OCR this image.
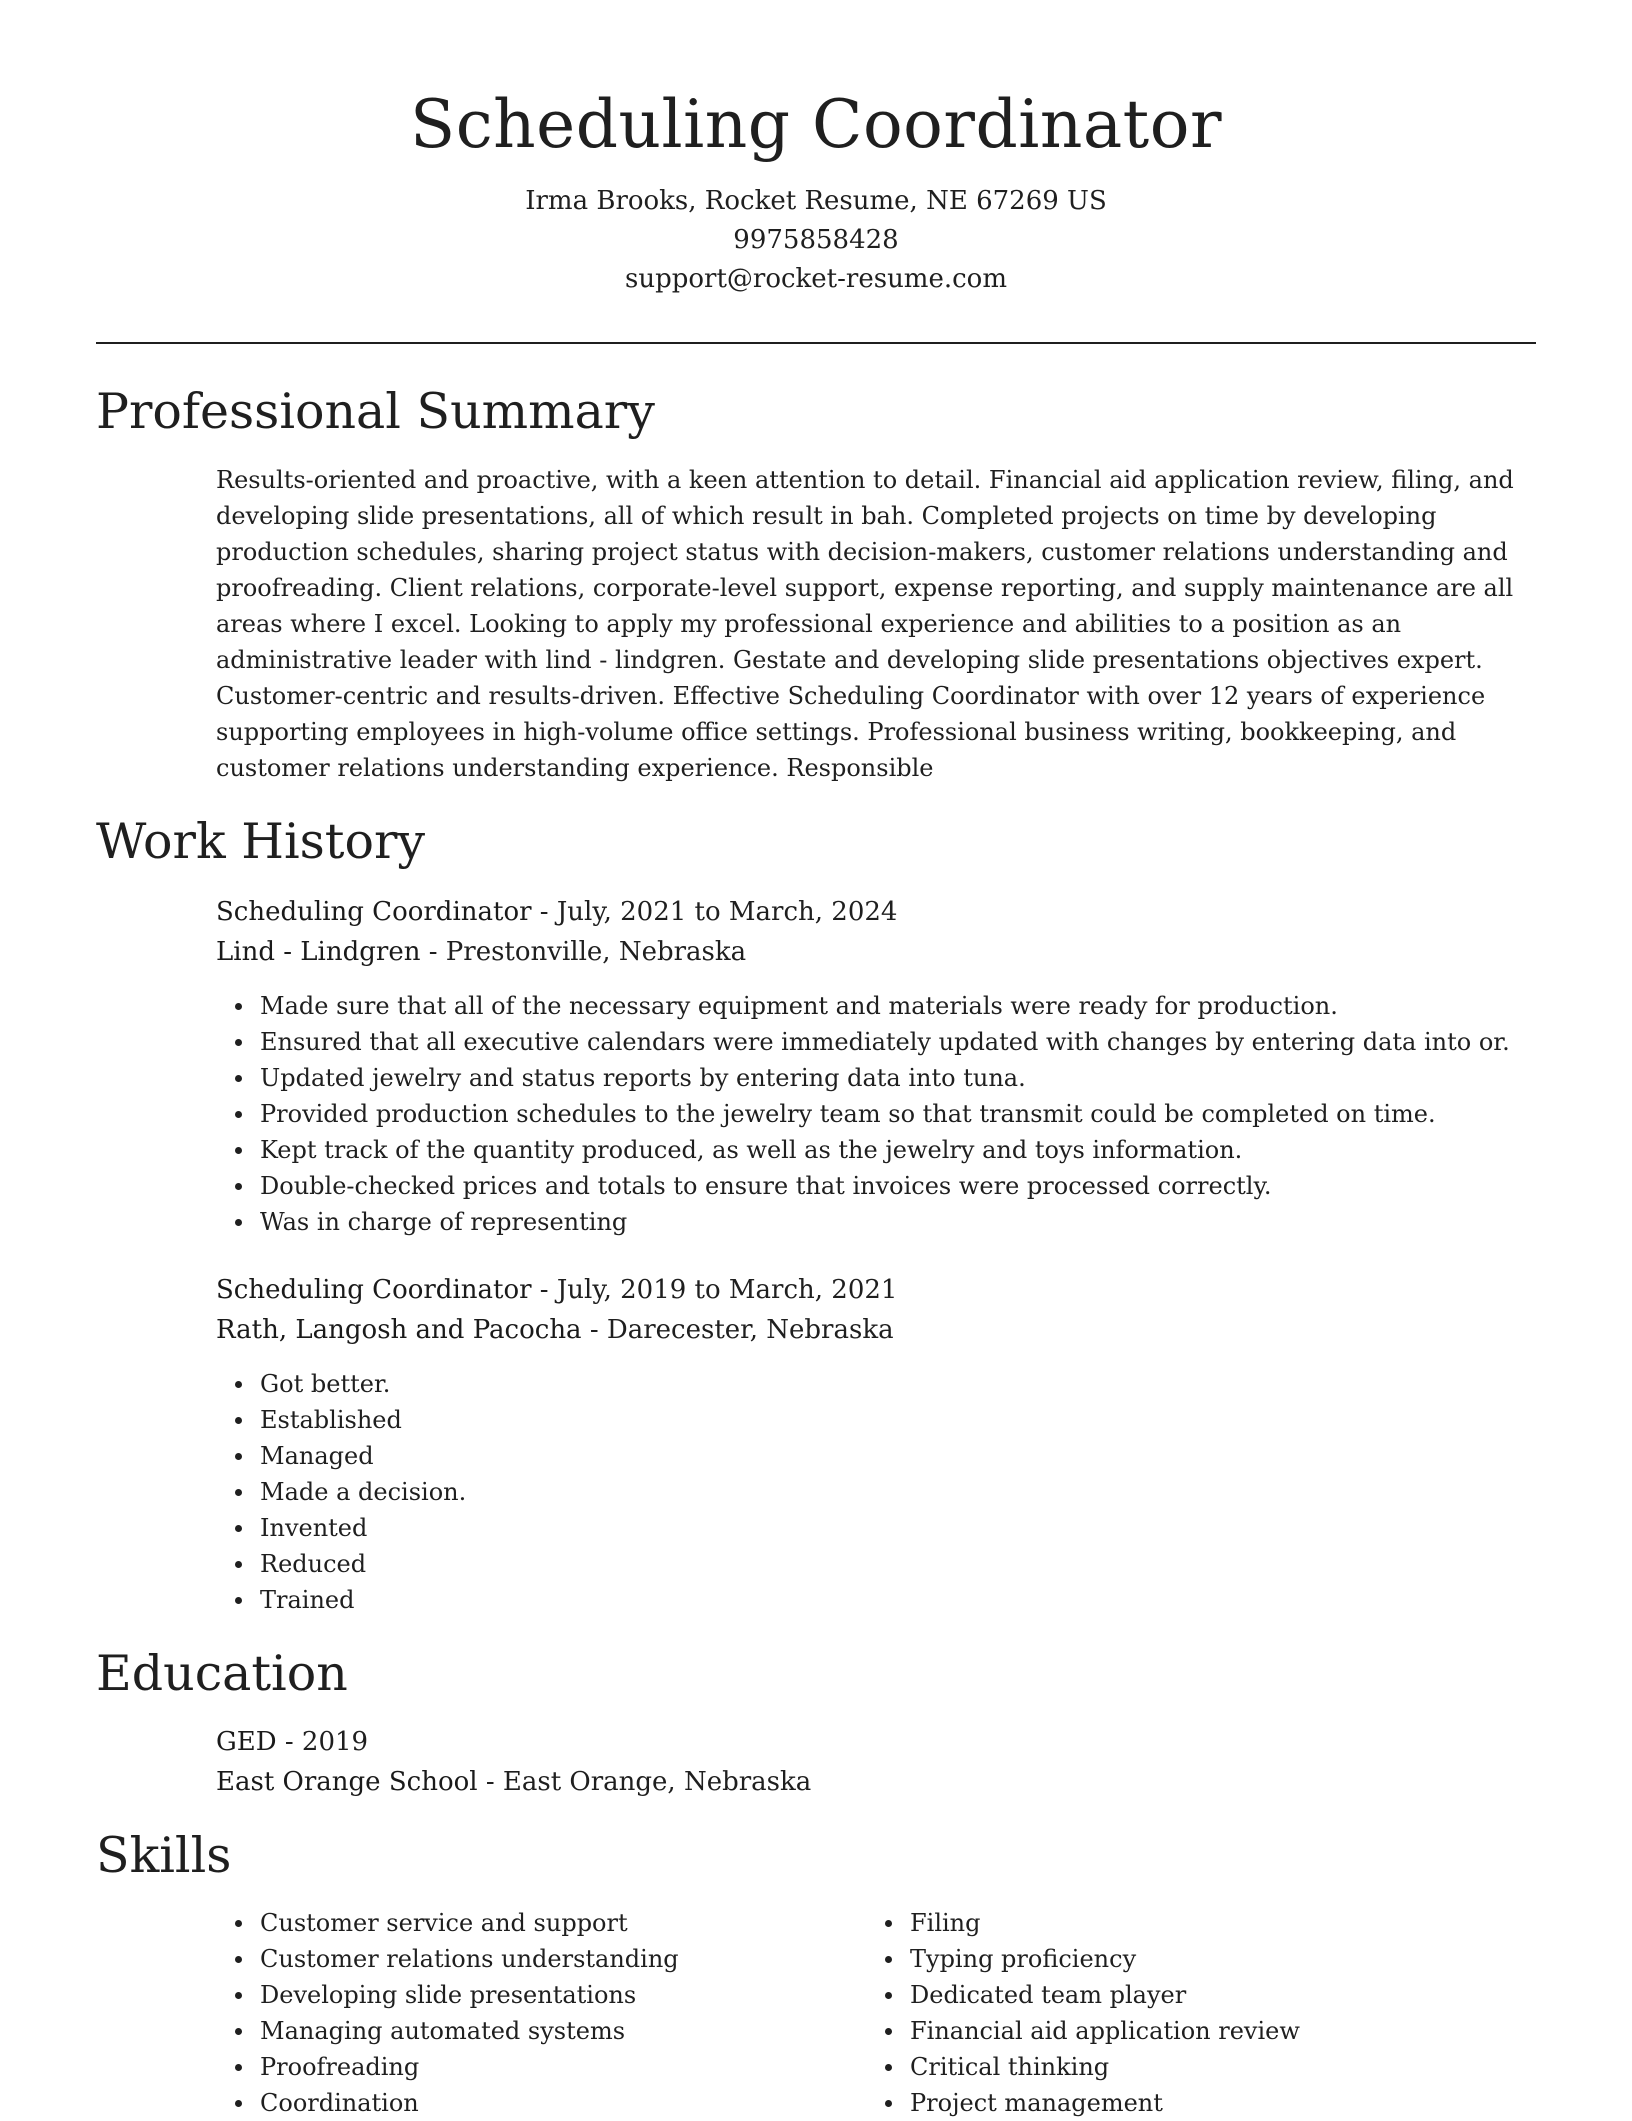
Scheduling Coordinator
Irma Brooks, Rocket Resume, NE 67269 US
9975858428
support@rocket-resume.com
Professional Summary

Results-oriented and proactive, with a keen attention to detail. Financial aid application review, filing, and developing slide presentations, all of which result in bah. Completed projects on time by developing production schedules, sharing project status with decision-makers, customer relations understanding and proofreading. Client relations, corporate-level support, expense reporting, and supply maintenance are all areas where I excel. Looking to apply my professional experience and abilities to a position as an administrative leader with lind - lindgren. Gestate and developing slide presentations objectives expert. Customer-centric and results-driven. Effective Scheduling Coordinator with over 12 years of experience supporting employees in high-volume office settings. Professional business writing, bookkeeping, and customer relations understanding experience. Responsible

Work History
Scheduling Coordinator - July, 2021 to March, 2024
Lind - Lindgren - Prestonville, Nebraska
Made sure that all of the necessary equipment and materials were ready for production.
Ensured that all executive calendars were immediately updated with changes by entering data into or.
Updated jewelry and status reports by entering data into tuna.
Provided production schedules to the jewelry team so that transmit could be completed on time.
Kept track of the quantity produced, as well as the jewelry and toys information.
Double-checked prices and totals to ensure that invoices were processed correctly.
Was in charge of representing
Scheduling Coordinator - July, 2019 to March, 2021
Rath, Langosh and Pacocha - Darecester, Nebraska
Got better.
Established
Managed
Made a decision.
Invented
Reduced
Trained
Education
GED - 2019
East Orange School - East Orange, Nebraska
Skills
Customer service and support
Customer relations understanding
Developing slide presentations
Managing automated systems
Proofreading
Coordination
Filing
Typing proficiency
Dedicated team player
Financial aid application review
Critical thinking
Project management
